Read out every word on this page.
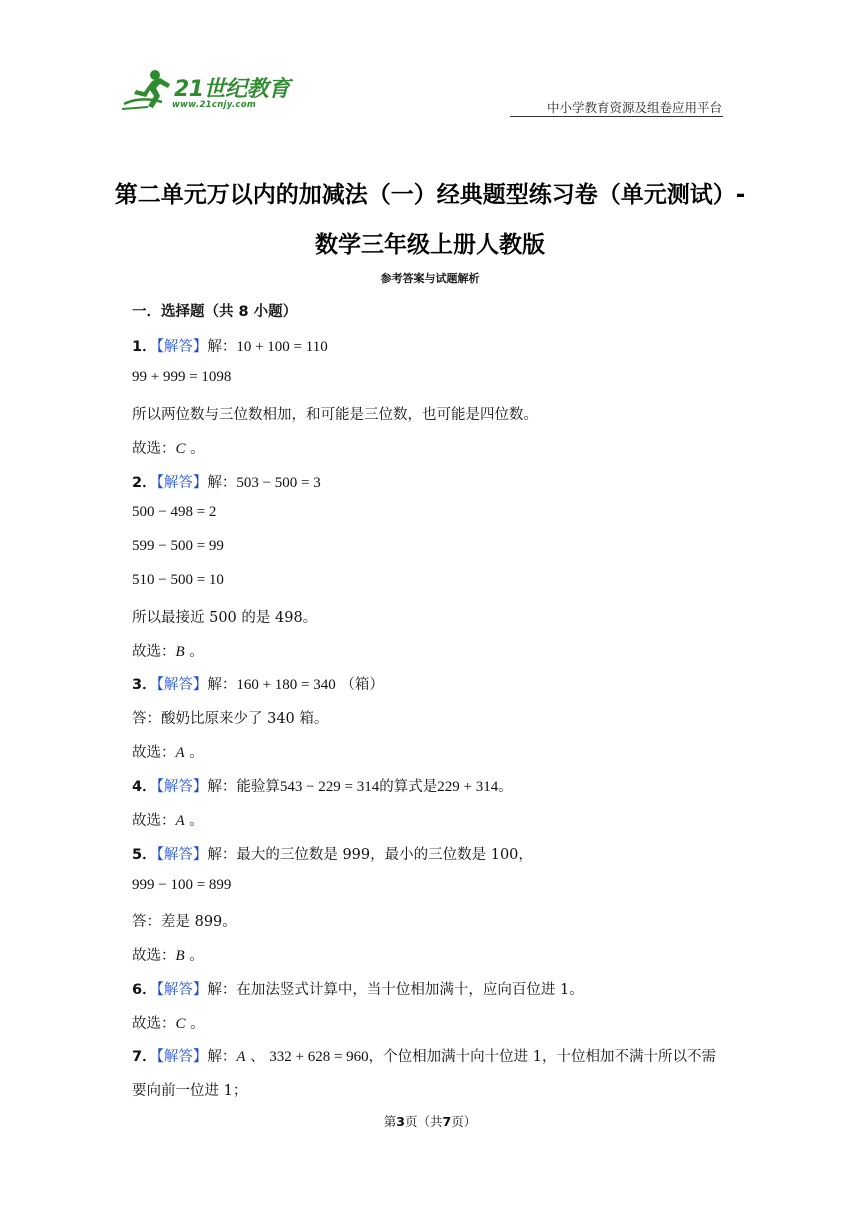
21世纪教育
www.21cnjy.com	中小学教育资源及组卷应用平台
第二单元万以内的加减法（一）经典题型练习卷（单元测试）-
数学三年级上册人教版
参考答案与试题解析
一．选择题（共 8 小题）
1．【解答】解：10 + 100 = 110
99 + 999 = 1098
所以两位数与三位数相加，和可能是三位数，也可能是四位数。
故选：C 。
2．【解答】解：503 − 500 = 3
500 − 498 = 2
599 − 500 = 99
510 − 500 = 10
所以最接近 500 的是 498。
故选：B 。
3．【解答】解：160 + 180 = 340 （箱）
答：酸奶比原来少了 340 箱。
故选：A 。
4．【解答】解：能验算543 − 229 = 314的算式是229 + 314。
故选：A 。
5．【解答】解：最大的三位数是 999，最小的三位数是 100，
999 − 100 = 899
答：差是 899。
故选：B 。
6．【解答】解：在加法竖式计算中，当十位相加满十，应向百位进 1。
故选：C 。
7．【解答】解：A 、 332 + 628 = 960，个位相加满十向十位进 1，十位相加不满十所以不需
要向前一位进 1；
第3页（共7页）
